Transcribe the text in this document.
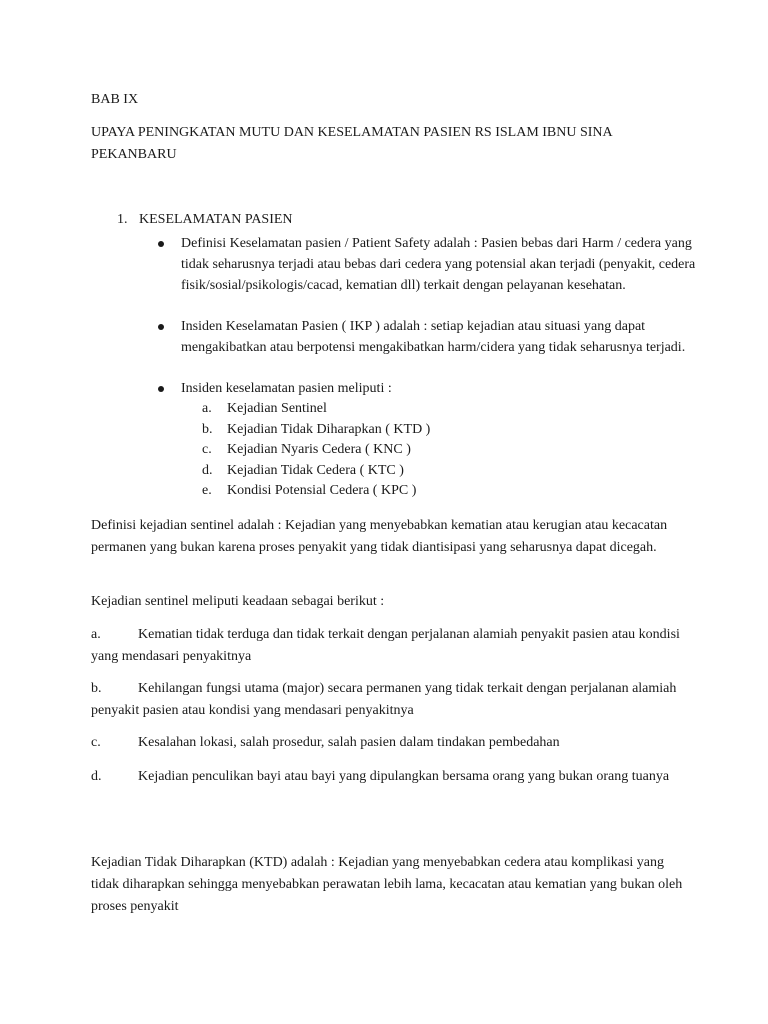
BAB IX
UPAYA PENINGKATAN MUTU DAN KESELAMATAN PASIEN RS ISLAM IBNU SINA
PEKANBARU
1. KESELAMATAN PASIEN
Definisi Keselamatan pasien / Patient Safety adalah : Pasien bebas dari Harm / cedera yang tidak seharusnya terjadi atau bebas dari cedera yang potensial akan terjadi (penyakit, cedera fisik/sosial/psikologis/cacad, kematian dll) terkait dengan pelayanan kesehatan.
Insiden Keselamatan Pasien ( IKP ) adalah : setiap kejadian atau situasi yang dapat mengakibatkan atau berpotensi mengakibatkan harm/cidera yang tidak seharusnya terjadi.
Insiden keselamatan pasien meliputi :
a. Kejadian Sentinel
b. Kejadian Tidak Diharapkan ( KTD )
c. Kejadian Nyaris Cedera ( KNC )
d. Kejadian Tidak Cedera ( KTC )
e. Kondisi Potensial Cedera ( KPC )
Definisi kejadian sentinel adalah : Kejadian yang menyebabkan kematian atau kerugian atau kecacatan permanen yang bukan karena proses penyakit yang tidak diantisipasi yang seharusnya dapat dicegah.
Kejadian sentinel meliputi keadaan sebagai berikut :
a.	Kematian tidak terduga dan tidak terkait dengan perjalanan alamiah penyakit pasien atau kondisi yang mendasari penyakitnya
b.	Kehilangan fungsi utama (major) secara permanen yang tidak terkait dengan perjalanan alamiah penyakit pasien atau kondisi yang mendasari penyakitnya
c.	Kesalahan lokasi, salah prosedur, salah pasien dalam tindakan pembedahan
d.	Kejadian penculikan bayi atau bayi yang dipulangkan bersama orang yang bukan orang tuanya
Kejadian Tidak Diharapkan (KTD) adalah : Kejadian yang menyebabkan cedera atau komplikasi yang tidak diharapkan sehingga menyebabkan perawatan lebih lama, kecacatan atau kematian yang bukan oleh proses penyakit
